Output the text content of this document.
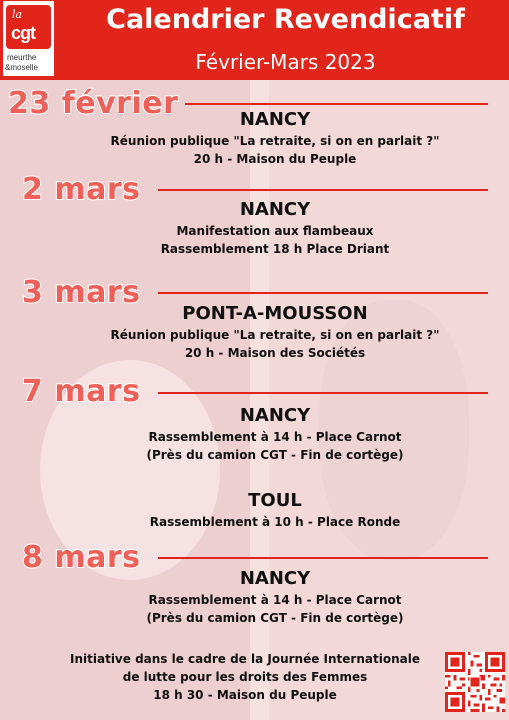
la
cgt
meurthe
&moselle
Calendrier Revendicatif
Février-Mars 2023
23 février	NANCY
Réunion publique "La retraite, si on en parlait ?"
20 h - Maison du Peuple
2 mars
NANCY
Manifestation aux flambeaux
Rassemblement 18 h Place Driant
3 mars
PONT-A-MOUSSON
Réunion publique "La retraite, si on en parlait ?"
20 h - Maison des Sociétés
7 mars
NANCY
Rassemblement à 14 h - Place Carnot
(Près du camion CGT - Fin de cortège)
TOUL
Rassemblement à 10 h - Place Ronde
8 mars
NANCY
Rassemblement à 14 h - Place Carnot
(Près du camion CGT - Fin de cortège)
Initiative dans le cadre de la Journée Internationale
de lutte pour les droits des Femmes
18 h 30 - Maison du Peuple
